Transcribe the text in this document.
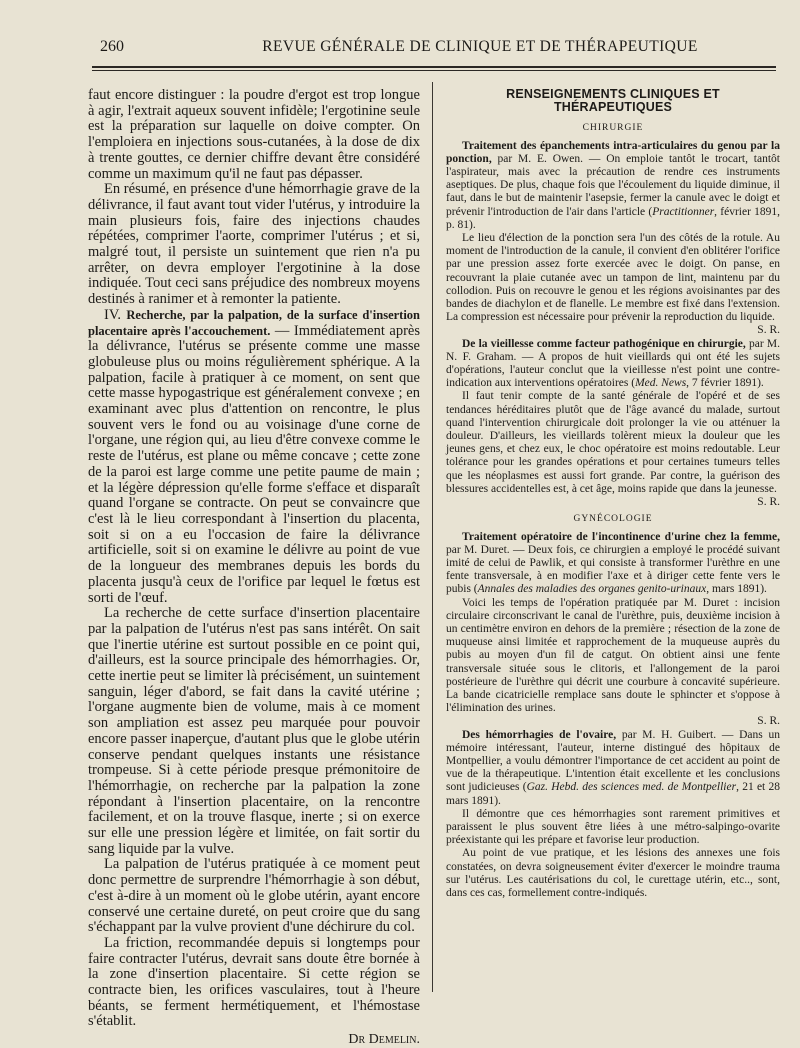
260	REVUE GÉNÉRALE DE CLINIQUE ET DE THÉRAPEUTIQUE

faut encore distinguer : la poudre d'ergot est trop longue à agir, l'extrait aqueux souvent infidèle; l'ergotinine seule est la préparation sur laquelle on doive compter. On l'emploiera en injections sous-cutanées, à la dose de dix à trente gouttes, ce dernier chiffre devant être considéré comme un maximum qu'il ne faut pas dépasser.

En résumé, en présence d'une hémorrhagie grave de la délivrance, il faut avant tout vider l'utérus, y introduire la main plusieurs fois, faire des injections chaudes répétées, comprimer l'aorte, comprimer l'utérus ; et si, malgré tout, il persiste un suintement que rien n'a pu arrêter, on devra employer l'ergotinine à la dose indiquée. Tout ceci sans préjudice des nombreux moyens destinés à ranimer et à remonter la patiente.

IV. Recherche, par la palpation, de la surface d'insertion placentaire après l'accouchement. — Immédiatement après la délivrance, l'utérus se présente comme une masse globuleuse plus ou moins régulièrement sphérique. A la palpation, facile à pratiquer à ce moment, on sent que cette masse hypogastrique est généralement convexe ; en examinant avec plus d'attention on rencontre, le plus souvent vers le fond ou au voisinage d'une corne de l'organe, une région qui, au lieu d'être convexe comme le reste de l'utérus, est plane ou même concave ; cette zone de la paroi est large comme une petite paume de main ; et la légère dépression qu'elle forme s'efface et disparaît quand l'organe se contracte. On peut se convaincre que c'est là le lieu correspondant à l'insertion du placenta, soit si on a eu l'occasion de faire la délivrance artificielle, soit si on examine le délivre au point de vue de la longueur des membranes depuis les bords du placenta jusqu'à ceux de l'orifice par lequel le fœtus est sorti de l'œuf.

La recherche de cette surface d'insertion placentaire par la palpation de l'utérus n'est pas sans intérêt. On sait que l'inertie utérine est surtout possible en ce point qui, d'ailleurs, est la source principale des hémorrhagies. Or, cette inertie peut se limiter là précisément, un suintement sanguin, léger d'abord, se fait dans la cavité utérine ; l'organe augmente bien de volume, mais à ce moment son ampliation est assez peu marquée pour pouvoir encore passer inaperçue, d'autant plus que le globe utérin conserve pendant quelques instants une résistance trompeuse. Si à cette période presque prémonitoire de l'hémorrhagie, on recherche par la palpation la zone répondant à l'insertion placentaire, on la rencontre facilement, et on la trouve flasque, inerte ; si on exerce sur elle une pression légère et limitée, on fait sortir du sang liquide par la vulve.

La palpation de l'utérus pratiquée à ce moment peut donc permettre de surprendre l'hémorrhagie à son début, c'est à-dire à un moment où le globe utérin, ayant encore conservé une certaine dureté, on peut croire que du sang s'échappant par la vulve provient d'une déchirure du col.

La friction, recommandée depuis si longtemps pour faire contracter l'utérus, devrait sans doute être bornée à la zone d'insertion placentaire. Si cette région se contracte bien, les orifices vasculaires, tout à l'heure béants, se ferment hermétiquement, et l'hémostase s'établit.

Dr Demelin.
RENSEIGNEMENTS CLINIQUES ET THÉRAPEUTIQUES
CHIRURGIE

Traitement des épanchements intra-articulaires du genou par la ponction, par M. E. Owen. — On emploie tantôt le trocart, tantôt l'aspirateur, mais avec la précaution de rendre ces instruments aseptiques. De plus, chaque fois que l'écoulement du liquide diminue, il faut, dans le but de maintenir l'asepsie, fermer la canule avec le doigt et prévenir l'introduction de l'air dans l'article (Practitionner, février 1891, p. 81).

Le lieu d'élection de la ponction sera l'un des côtés de la rotule. Au moment de l'introduction de la canule, il convient d'en oblitérer l'orifice par une pression assez forte exercée avec le doigt. On panse, en recouvrant la plaie cutanée avec un tampon de lint, maintenu par du collodion. Puis on recouvre le genou et les régions avoisinantes par des bandes de diachylon et de flanelle. Le membre est fixé dans l'extension. La compression est nécessaire pour prévenir la reproduction du liquide.

S. R.

De la vieillesse comme facteur pathogénique en chirurgie, par M. N. F. Graham. — A propos de huit vieillards qui ont été les sujets d'opérations, l'auteur conclut que la vieillesse n'est point une contre-indication aux interventions opératoires (Med. News, 7 février 1891).

Il faut tenir compte de la santé générale de l'opéré et de ses tendances héréditaires plutôt que de l'âge avancé du malade, surtout quand l'intervention chirurgicale doit prolonger la vie ou atténuer la douleur. D'ailleurs, les vieillards tolèrent mieux la douleur que les jeunes gens, et chez eux, le choc opératoire est moins redoutable. Leur tolérance pour les grandes opérations et pour certaines tumeurs telles que les néoplasmes est aussi fort grande. Par contre, la guérison des blessures accidentelles est, à cet âge, moins rapide que dans la jeunesse.

S. R.
GYNÉCOLOGIE

Traitement opératoire de l'incontinence d'urine chez la femme, par M. Duret. — Deux fois, ce chirurgien a employé le procédé suivant imité de celui de Pawlik, et qui consiste à transformer l'urèthre en une fente transversale, à en modifier l'axe et à diriger cette fente vers le pubis (Annales des maladies des organes genito-urinaux, mars 1891).

Voici les temps de l'opération pratiquée par M. Duret : incision circulaire circonscrivant le canal de l'urèthre, puis, deuxième incision à un centimètre environ en dehors de la première ; résection de la zone de muqueuse ainsi limitée et rapprochement de la muqueuse auprès du pubis au moyen d'un fil de catgut. On obtient ainsi une fente transversale située sous le clitoris, et l'allongement de la paroi postérieure de l'urèthre qui décrit une courbure à concavité supérieure. La bande cicatricielle remplace sans doute le sphincter et s'oppose à l'élimination des urines.

S. R.

Des hémorrhagies de l'ovaire, par M. H. Guibert. — Dans un mémoire intéressant, l'auteur, interne distingué des hôpitaux de Montpellier, a voulu démontrer l'importance de cet accident au point de vue de la thérapeutique. L'intention était excellente et les conclusions sont judicieuses (Gaz. Hebd. des sciences med. de Montpellier, 21 et 28 mars 1891).

Il démontre que ces hémorrhagies sont rarement primitives et paraissent le plus souvent être liées à une métro-salpingo-ovarite préexistante qui les prépare et favorise leur production.

Au point de vue pratique, et les lésions des annexes une fois constatées, on devra soigneusement éviter d'exercer le moindre trauma sur l'utérus. Les cautérisations du col, le curettage utérin, etc.., sont, dans ces cas, formellement contre-indiqués.
